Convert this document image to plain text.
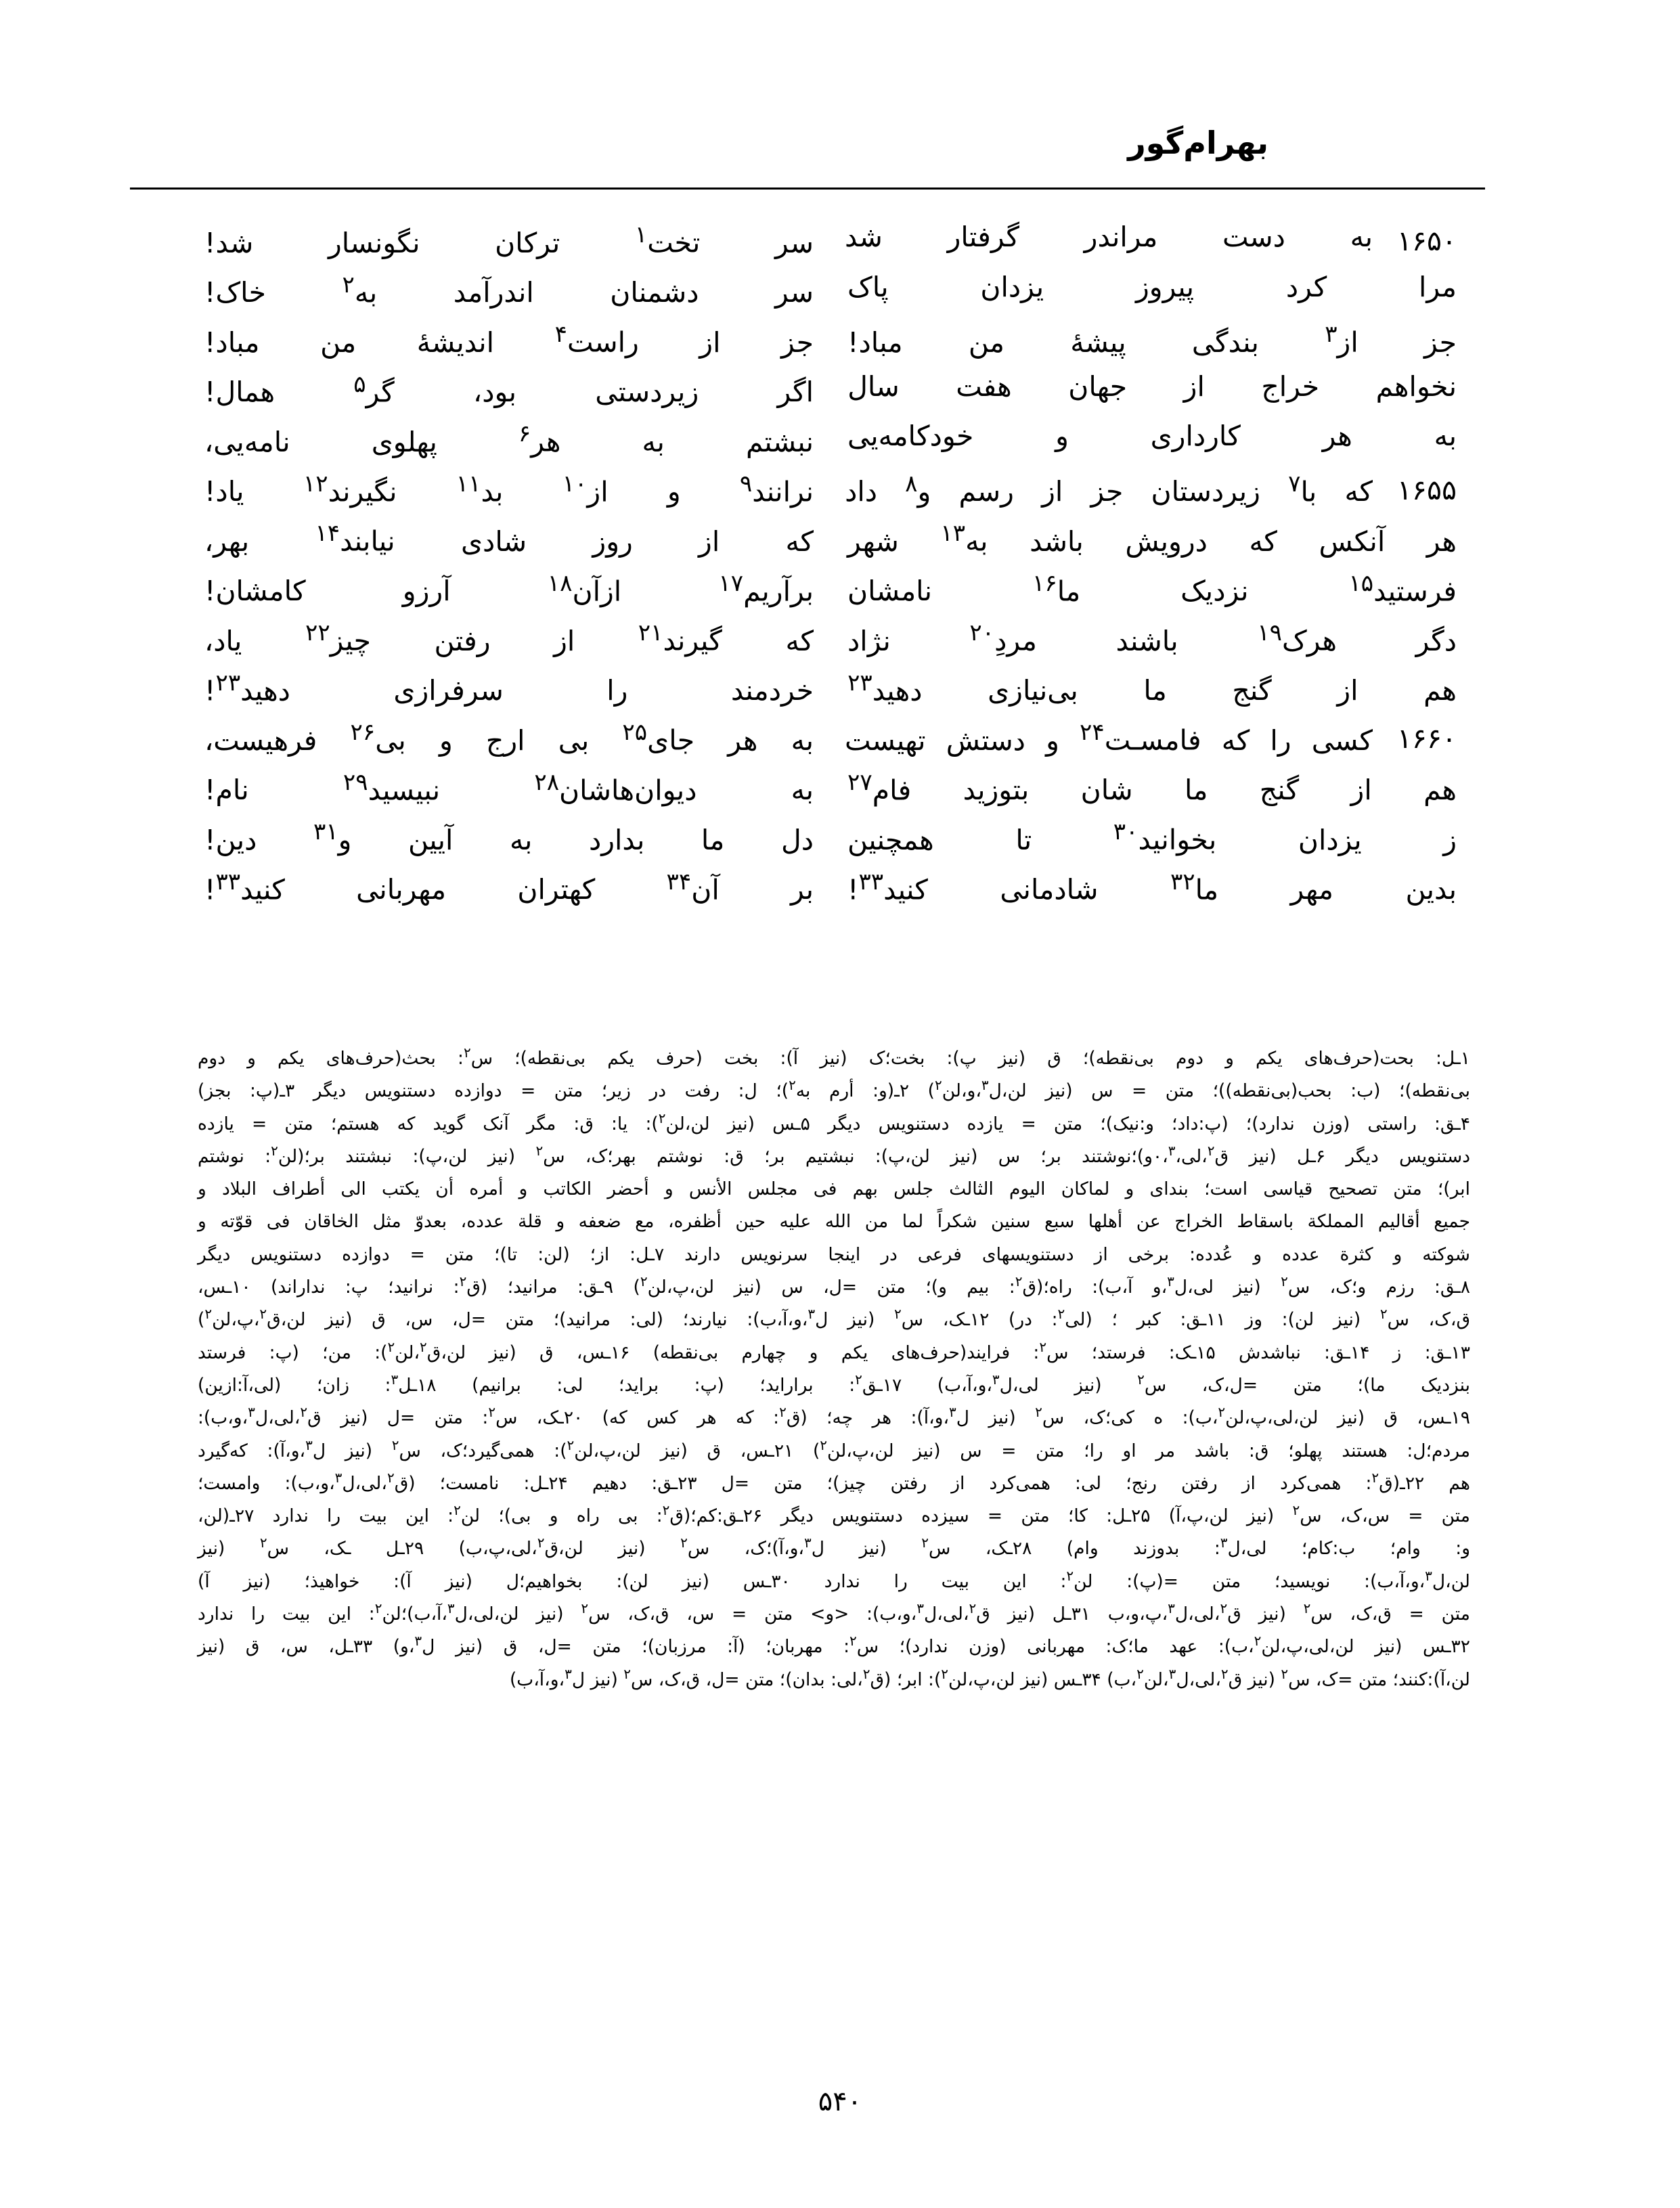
بهرام‌گور
۱۶۵۰
به
دست
مراندر
گرفتار
شد
سر
تخت$^۱$
ترکان
نگونسار
شد!
مرا
کرد
پیروز
یزدان
پاک
سر
دشمنان
اندرآمد
به$^۲$
خاک!
جز
از$^۳$
بندگی
پیشهٔ
من
مباد!
جز
از
راست$^۴$
اندیشهٔ
من
مباد!
نخواهم
خراج
از
جهان
هفت
سال
اگر
زیردستی
بود،
گر$^۵$
همال!
به
هر
کارداری
و
خودکامه‌یی
نبشتم
به
هر$^۶$
پهلوی
نامه‌یی،
۱۶۵۵
که
با$^۷$
زیردستان
جز
از
رسم
و$^۸$
داد
نرانند$^۹$
و
از$^{۱۰}$
بد$^{۱۱}$
نگیرند$^{۱۲}$
یاد!
هر
آنکس
که
درویش
باشد
به$^{۱۳}$
شهر
که
از
روز
شادی
نیابند$^{۱۴}$
بهر،
فرستید$^{۱۵}$
نزدیک
ما$^{۱۶}$
نامشان
برآریم$^{۱۷}$
ازآن$^{۱۸}$
آرزو
کامشان!
دگر
هرک$^{۱۹}$
باشند
مردِ$^{۲۰}$
نژاد
که
گیرند$^{۲۱}$
از
رفتن
چیز$^{۲۲}$
یاد،
هم
از
گنج
ما
بی‌نیازی
دهید$^{۲۳}$
خردمند
را
سرفرازی
دهید$^{۲۳}$!
۱۶۶۰
کسی
را
که
فامسـت$^{۲۴}$
و
دستش
تهیست
به
هر
جای$^{۲۵}$
بی
ارج
و
بی$^{۲۶}$
فرهیست،
هم
از
گنج
ما
شان
بتوزید
فام$^{۲۷}$
به
دیوان‌هاشان$^{۲۸}$
نبیسید$^{۲۹}$
نام!
ز
یزدان
بخوانید$^{۳۰}$
تا
همچنین
دل
ما
بدارد
به
آیین
و$^{۳۱}$
دین!
بدین
مهر
ما$^{۳۲}$
شادمانی
کنید$^{۳۳}$!
بر
آن$^{۳۴}$
کهتران
مهربانی
کنید$^{۳۳}$!

۱ـل: بحت(حرف‌های یکم و دوم بی‌نقطه)؛ ق (نیز پ): بخت؛ک (نیز آ): بخت (حرف یکم بی‌نقطه)؛ س$^۲$: بحث(حرف‌های یکم و دوم

بی‌نقطه)؛ (ب: بحب(بی‌نقطه))؛ متن = س (نیز لن،ل$^۳$،و،لن$^۲$) ۲ـ(و: أرم به$^۲$)؛ ل: رفت در زیر؛ متن = دوازده دستنویس دیگر ۳ـ(پ: بجز)

۴ـق: راستی (وزن ندارد)؛ (پ:داد؛ و:نیک)؛ متن = یازده دستنویس دیگر ۵ـس (نیز لن،لن$^۲$): یا: ق: مگر آنک گوید که هستم؛ متن = یازده

دستنویس دیگر ۶ـل (نیز ق$^۲$،لی،۰،$^۳$و)؛نوشتند بر؛ س (نیز لن،پ): نبشتیم بر؛ ق: نوشتم بهر؛ک، س$^۲$ (نیز لن،پ): نبشتند بر؛(لن$^۲$: نوشتم

ابر)؛ متن تصحیح قیاسی است؛ بندای و لماکان الیوم الثالث جلس بهم فی مجلس الأنس و أحضر الکاتب و أمره أن یکتب الی أطراف البلاد و

جمیع أقالیم المملکة باسقاط الخراج عن أهلها سبع سنین شکراً لما من الله علیه حین أظفره، مع ضعفه و قلة عدده، بعدوّ مثل الخاقان فی قوّته و

شوکته و کثرة عدده و عُدده: برخی از دستنویسهای فرعی در اینجا سرنویس دارند ۷ـل: از؛ (لن: تا)؛ متن = دوازده دستنویس دیگر

۸ـق: رزم و؛ک، س$^۲$ (نیز لی،ل$^۳$،و آ،ب): راه؛(ق$^۲$: بیم و)؛ متن =ل، س (نیز لن،پ،لن$^۲$) ۹ـق: مرانید؛ (ق$^۲$: نرانید؛ پ: نداراند) ۱۰ـس،

ق،ک، س$^۲$ (نیز لن): وز ۱۱ـق: کبر ؛ (لی$^۲$: در) ۱۲ـک، س$^۲$ (نیز ل$^۳$،و،آ،ب): نیارند؛ (لی: مرانید)؛ متن =ل، س، ق (نیز لن،ق$^۲$،پ،لن$^۲$)

۱۳ـق: ز ۱۴ـق: نباشدش ۱۵ـک: فرستد؛ س$^۲$: فرایند(حرف‌های یکم و چهارم بی‌نقطه) ۱۶ـس، ق (نیز لن،ق$^۲$،لن$^۲$): من؛ (پ: فرستد

بنزدیک ما)؛ متن =ل،ک، س$^۲$ (نیز لی،ل$^۳$،و،آ،ب) ۱۷ـق$^۲$: براراید؛ (پ: براید؛ لی: برانیم) ۱۸ـل$^۳$: زان؛ (لی،آ:ازین)

۱۹ـس، ق (نیز لن،لی،پ،لن$^۲$،ب): ه کی؛ک، س$^۲$ (نیز ل$^۳$،و،آ): هر چه؛ (ق$^۲$: که هر کس که) ۲۰ـک، س$^۲$: متن =ل (نیز ق$^۲$،لی،ل$^۳$،و،ب):

مردم؛ل: هستند پهلو؛ ق: باشد مر او را؛ متن = س (نیز لن،پ،لن$^۲$) ۲۱ـس، ق (نیز لن،پ،لن$^۲$): همی‌گیرد؛ک، س$^۲$ (نیز ل$^۳$،و،آ): که‌گیرد

هم ۲۲ـ(ق$^۲$: همی‌کرد از رفتن رنج؛ لی: همی‌کرد از رفتن چیز)؛ متن =ل ۲۳ـق: دهیم ۲۴ـل: نامست؛ (ق$^۲$،لی،ل$^۳$،و،ب): وامست؛

متن = س،ک، س$^۲$ (نیز لن،پ،آ) ۲۵ـل: کا؛ متن = سیزده دستنویس دیگر ۲۶ـق:کم؛(ق$^۲$: بی راه و بی)؛ لن$^۲$: این بیت را ندارد ۲۷ـ(لن،

و: وام؛ ب:کام؛ لی،ل$^۳$: بدوزند وام) ۲۸ـک، س$^۲$ (نیز ل$^۳$،و،آ)؛ک، س$^۲$ (نیز لن،ق$^۲$،لی،پ،ب) ۲۹ـل ـک، س$^۲$ (نیز

لن،ل$^۳$،و،آ،ب): نویسید؛ متن =(پ): لن$^۲$: این بیت را ندارد ۳۰ـس (نیز لن): بخواهیم؛ل (نیز آ): خواهیذ؛ (نیز آ)

متن = ق،ک، س$^۲$ (نیز ق$^۲$،لی،ل$^۳$،پ،و،ب ۳۱ـل (نیز ق$^۲$،لی،ل$^۳$،و،ب): <و> متن = س، ق،ک، س$^۲$ (نیز لن،لی،ل$^۳$،آ،ب)؛لن$^۲$: این بیت را ندارد

۳۲ـس (نیز لن،لی،پ،لن$^۲$،ب): عهد ما؛ک: مهربانی (وزن ندارد)؛ س$^۲$: مهربان؛ (آ: مرزبان)؛ متن =ل، ق (نیز ل$^۳$،و) ۳۳ـل، س، ق (نیز

لن،آ):کنند؛ متن =ک، س$^۲$ (نیز ق$^۲$،لی،ل$^۳$،لن$^۲$،ب) ۳۴ـس (نیز لن،پ،لن$^۲$): ابر؛ (ق$^۲$،لی: بدان)؛ متن =ل، ق،ک، س$^۲$ (نیز ل$^۳$،و،آ،ب)

۵۴۰
